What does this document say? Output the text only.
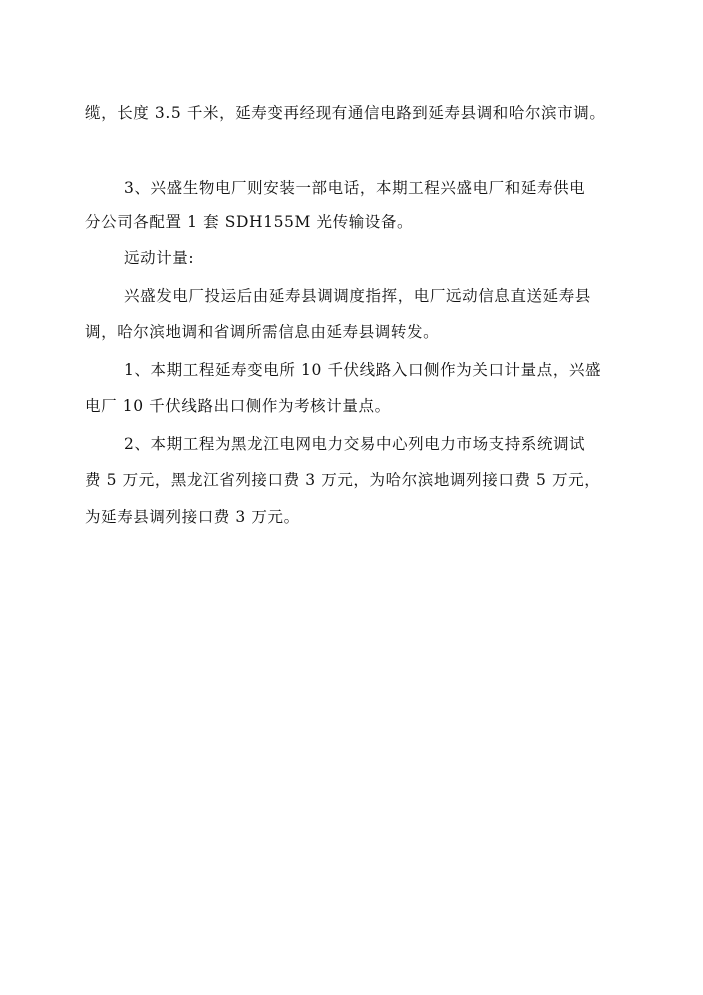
缆，长度 3.5 千米，延寿变再经现有通信电路到延寿县调和哈尔滨市调。
3、兴盛生物电厂则安装一部电话，本期工程兴盛电厂和延寿供电
分公司各配置 1 套 SDH155M 光传输设备。
远动计量:
兴盛发电厂投运后由延寿县调调度指挥，电厂远动信息直送延寿县
调，哈尔滨地调和省调所需信息由延寿县调转发。
1、本期工程延寿变电所 10 千伏线路入口侧作为关口计量点，兴盛
电厂 10 千伏线路出口侧作为考核计量点。
2、本期工程为黑龙江电网电力交易中心列电力市场支持系统调试
费 5 万元，黑龙江省列接口费 3 万元，为哈尔滨地调列接口费 5 万元，
为延寿县调列接口费 3 万元。
